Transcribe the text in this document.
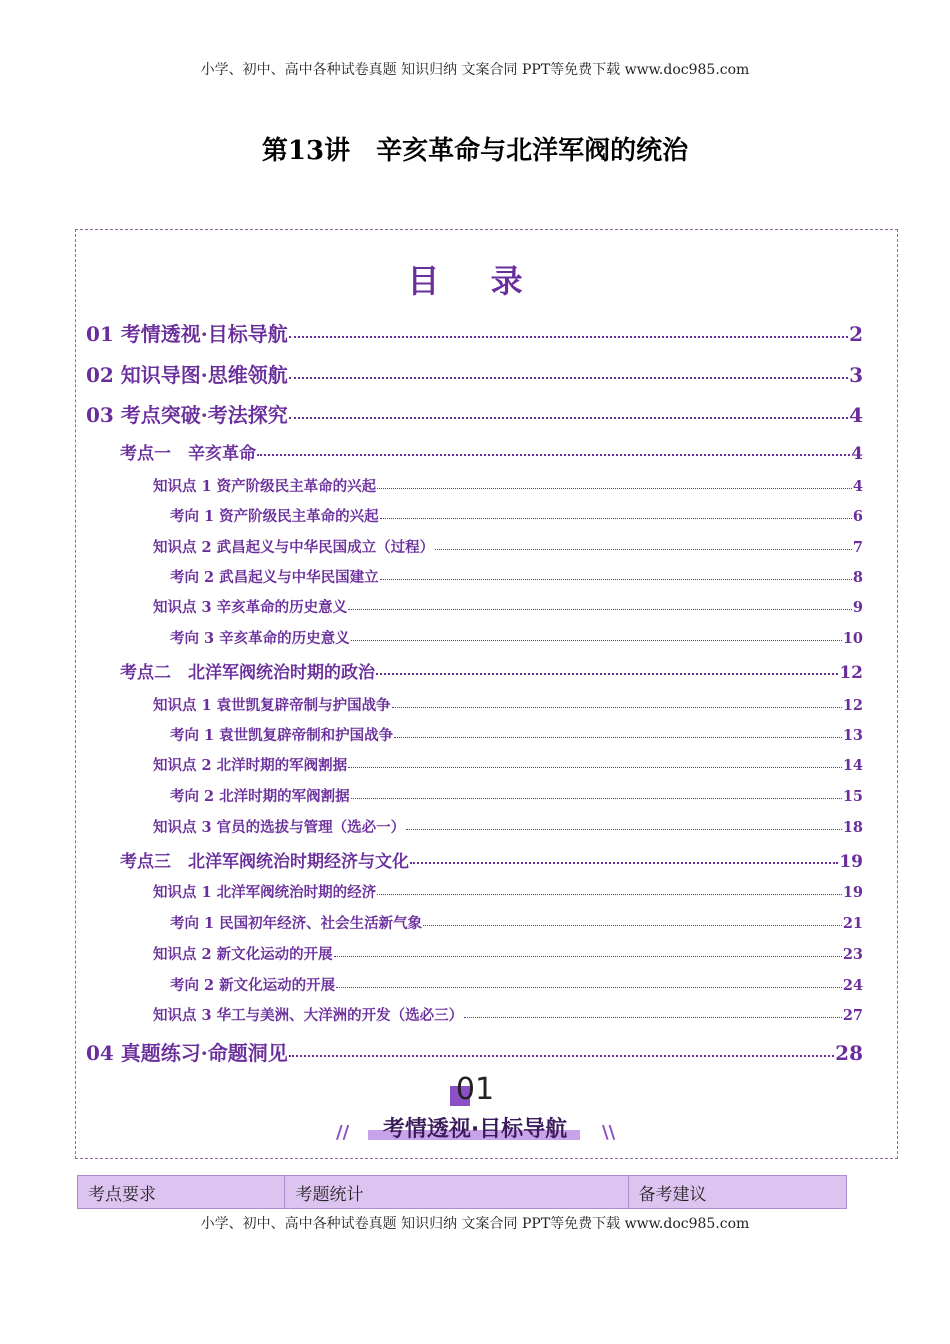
小学、初中、高中各种试卷真题 知识归纳 文案合同 PPT等免费下载 www.doc985.com
第13讲　辛亥革命与北洋军阀的统治
目 录
01 考情透视·目标导航	2
02 知识导图·思维领航	3
03 考点突破·考法探究	4
考点一　辛亥革命	4
知识点 1 资产阶级民主革命的兴起	4
考向 1 资产阶级民主革命的兴起	6
知识点 2 武昌起义与中华民国成立（过程）	7
考向 2 武昌起义与中华民国建立	8
知识点 3 辛亥革命的历史意义	9
考向 3 辛亥革命的历史意义	10
考点二　北洋军阀统治时期的政治	12
知识点 1 袁世凯复辟帝制与护国战争	12
考向 1 袁世凯复辟帝制和护国战争	13
知识点 2 北洋时期的军阀割据	14
考向 2 北洋时期的军阀割据	15
知识点 3 官员的选拔与管理（选必一）	18
考点三　北洋军阀统治时期经济与文化	19
知识点 1 北洋军阀统治时期的经济	19
考向 1 民国初年经济、社会生活新气象	21
知识点 2 新文化运动的开展	23
考向 2 新文化运动的开展	24
知识点 3 华工与美洲、大洋洲的开发（选必三）	27
04 真题练习·命题洞见	28
01
//	考情透视·目标导航	\\
考点要求	考题统计	备考建议
小学、初中、高中各种试卷真题 知识归纳 文案合同 PPT等免费下载 www.doc985.com
